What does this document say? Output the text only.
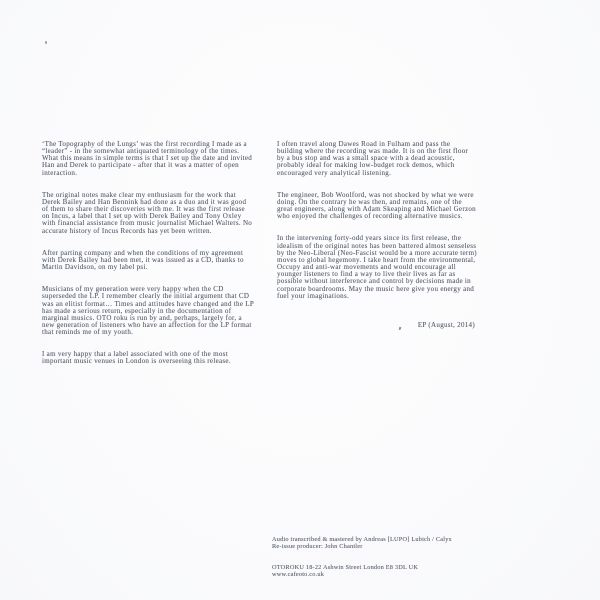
‘The Topography of the Lungs’ was the first recording I made as a “leader” - in the somewhat antiquated terminology of the times. What this means in simple terms is that I set up the date and invited Han and Derek to participate - after that it was a matter of open interaction.

The original notes make clear my enthusiasm for the work that Derek Bailey and Han Bennink had done as a duo and it was good of them to share their discoveries with me. It was the first release on Incus, a label that I set up with Derek Bailey and Tony Oxley with financial assistance from music journalist Michael Walters. No accurate history of Incus Records has yet been written.

After parting company and when the conditions of my agreement with Derek Bailey had been met, it was issued as a CD, thanks to Martin Davidson, on my label psi.

Musicians of my generation were very happy when the CD superseded the LP. I remember clearly the initial argument that CD was an elitist format… Times and attitudes have changed and the LP has made a serious return, especially in the documentation of marginal musics. OTO roku is run by and, perhaps, largely for, a new generation of listeners who have an affection for the LP format that reminds me of my youth.

I am very happy that a label associated with one of the most important music venues in London is overseeing this release.

I often travel along Dawes Road in Fulham and pass the building where the recording was made. It is on the first floor by a bus stop and was a small space with a dead acoustic, probably ideal for making low-budget rock demos, which encouraged very analytical listening.

The engineer, Bob Woolford, was not shocked by what we were doing. On the contrary he was then, and remains, one of the great engineers, along with Adam Skeaping and Michael Gerzon who enjoyed the challenges of recording alternative musics.

In the intervening forty-odd years since its first release, the idealism of the original notes has been battered almost senseless by the Neo-Liberal (Neo-Fascist would be a more accurate term) moves to global hegemony. I take heart from the environmental, Occupy and anti-war movements and would encourage all younger listeners to find a way to live their lives as far as possible without interference and control by decisions made in corporate boardrooms. May the music here give you energy and fuel your imaginations.

EP (August, 2014)

Audio transcribed & mastered by Andreas [LUPO] Lubich / Calyx

Re-issue producer: John Chantler

OTOROKU 18-22 Ashwin Street London E8 3DL UK

www.cafeoto.co.uk
